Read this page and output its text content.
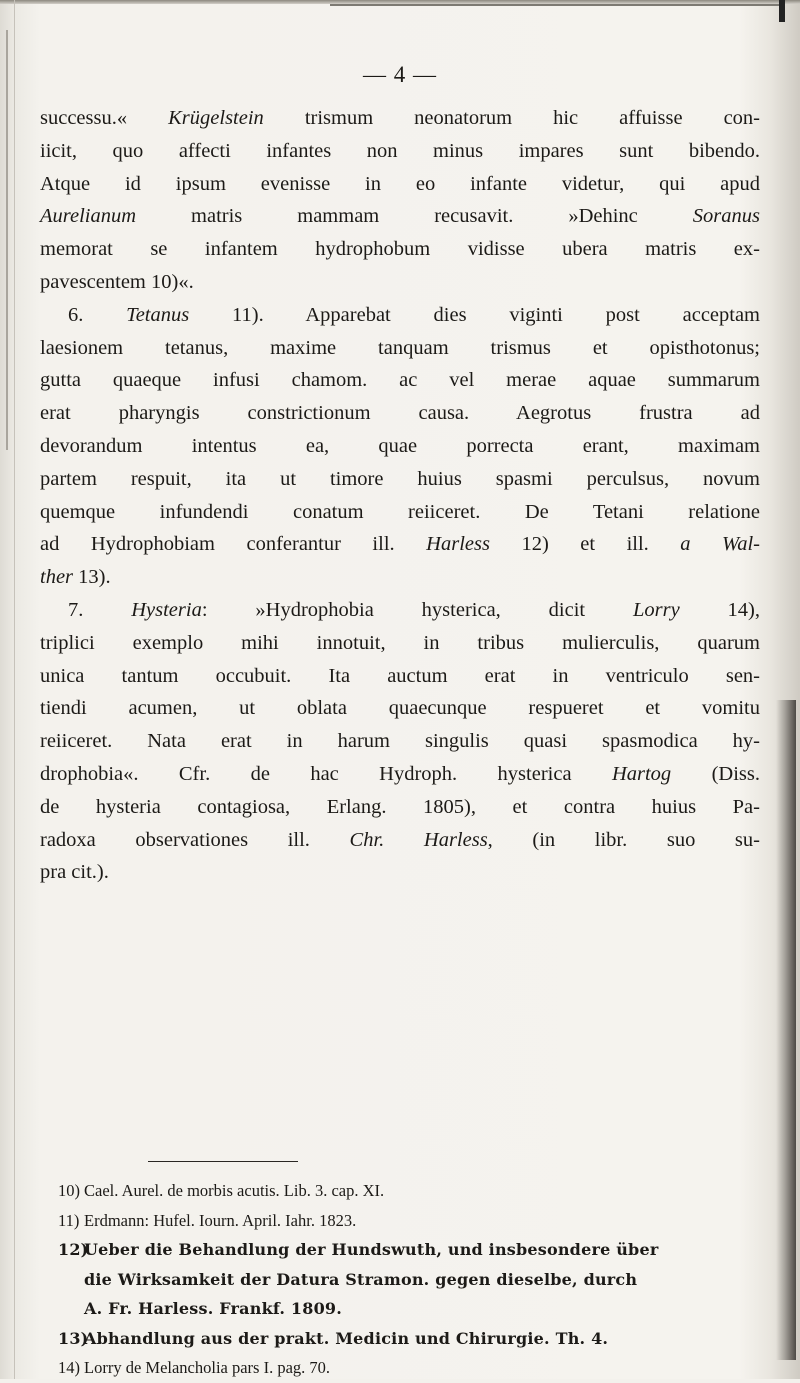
— 4 —
successu.« Krügelstein trismum neonatorum hic affuisse con-
iicit, quo affecti infantes non minus impares sunt bibendo.
Atque id ipsum evenisse in eo infante videtur, qui apud
Aurelianum matris mammam recusavit. »Dehinc Soranus
memorat se infantem hydrophobum vidisse ubera matris ex-
pavescentem 10)«.
6. Tetanus 11). Apparebat dies viginti post acceptam
laesionem tetanus, maxime tanquam trismus et opisthotonus;
gutta quaeque infusi chamom. ac vel merae aquae summarum
erat pharyngis constrictionum causa. Aegrotus frustra ad
devorandum intentus ea, quae porrecta erant, maximam
partem respuit, ita ut timore huius spasmi perculsus, novum
quemque infundendi conatum reiiceret. De Tetani relatione
ad Hydrophobiam conferantur ill. Harless 12) et ill. a Wal-
ther 13).
7. Hysteria: »Hydrophobia hysterica, dicit Lorry 14),
triplici exemplo mihi innotuit, in tribus mulierculis, quarum
unica tantum occubuit. Ita auctum erat in ventriculo sen-
tiendi acumen, ut oblata quaecunque respueret et vomitu
reiiceret. Nata erat in harum singulis quasi spasmodica hy-
drophobia«. Cfr. de hac Hydroph. hysterica Hartog (Diss.
de hysteria contagiosa, Erlang. 1805), et contra huius Pa-
radoxa observationes ill. Chr. Harless, (in libr. suo su-
pra cit.).
10) Cael. Aurel. de morbis acutis. Lib. 3. cap. XI.
11) Erdmann: Hufel. Iourn. April. Iahr. 1823.
12)Ueber die Behandlung der Hundswuth, und insbesondere über
die Wirksamkeit der Datura Stramon. gegen dieselbe, durch
A. Fr. Harless. Frankf. 1809.
13)Abhandlung aus der prakt. Medicin und Chirurgie. Th. 4.
14) Lorry de Melancholia pars I. pag. 70.
